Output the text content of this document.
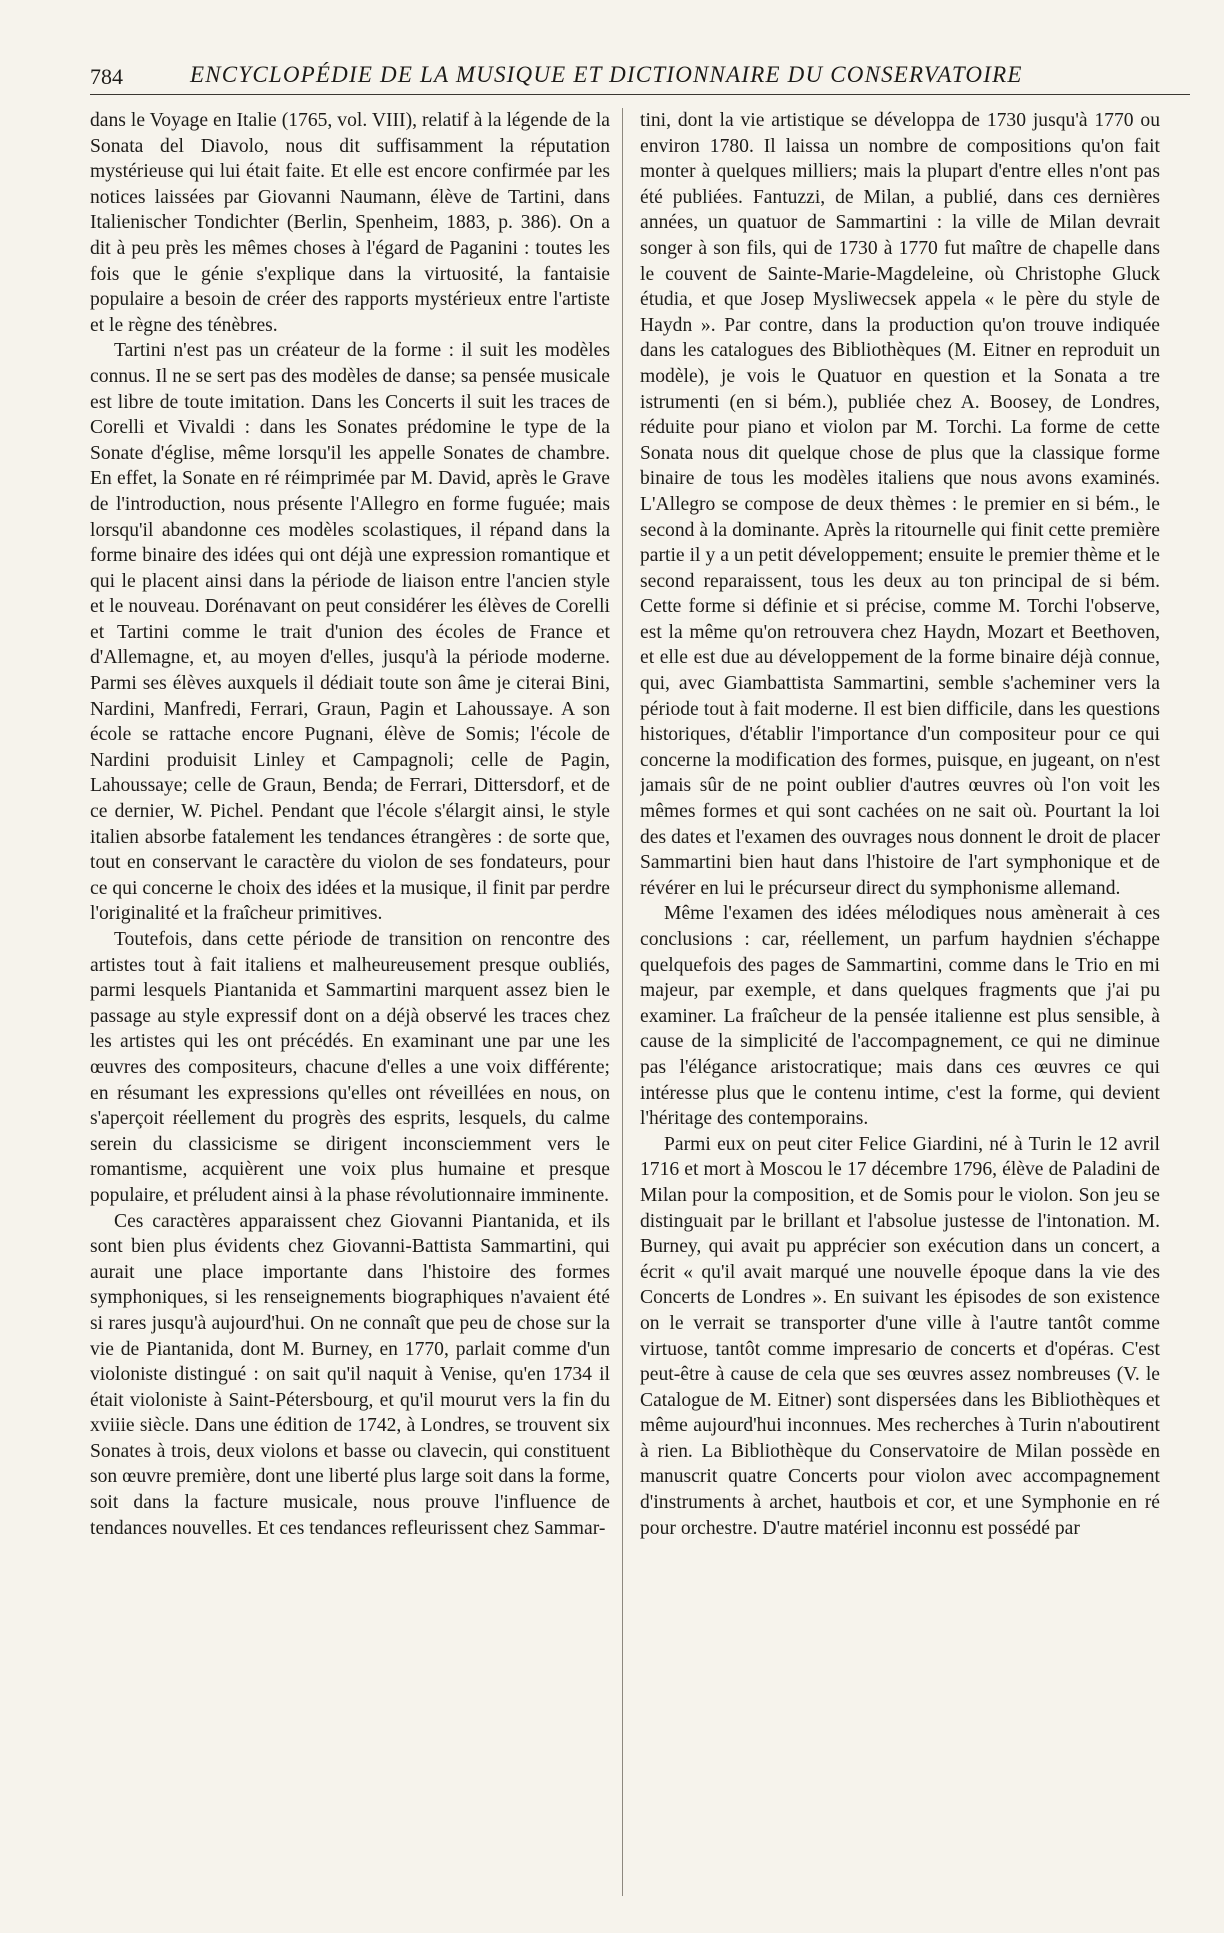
784	ENCYCLOPÉDIE DE LA MUSIQUE ET DICTIONNAIRE DU CONSERVATOIRE

dans le Voyage en Italie (1765, vol. VIII), relatif à la légende de la Sonata del Diavolo, nous dit suffisamment la réputation mystérieuse qui lui était faite. Et elle est encore confirmée par les notices laissées par Giovanni Naumann, élève de Tartini, dans Italienischer Tondichter (Berlin, Spenheim, 1883, p. 386). On a dit à peu près les mêmes choses à l'égard de Paganini : toutes les fois que le génie s'explique dans la virtuosité, la fantaisie populaire a besoin de créer des rapports mystérieux entre l'artiste et le règne des ténèbres.

Tartini n'est pas un créateur de la forme : il suit les modèles connus. Il ne se sert pas des modèles de danse; sa pensée musicale est libre de toute imitation. Dans les Concerts il suit les traces de Corelli et Vivaldi : dans les Sonates prédomine le type de la Sonate d'église, même lorsqu'il les appelle Sonates de chambre. En effet, la Sonate en ré réimprimée par M. David, après le Grave de l'introduction, nous présente l'Allegro en forme fuguée; mais lorsqu'il abandonne ces modèles scolastiques, il répand dans la forme binaire des idées qui ont déjà une expression romantique et qui le placent ainsi dans la période de liaison entre l'ancien style et le nouveau. Dorénavant on peut considérer les élèves de Corelli et Tartini comme le trait d'union des écoles de France et d'Allemagne, et, au moyen d'elles, jusqu'à la période moderne. Parmi ses élèves auxquels il dédiait toute son âme je citerai Bini, Nardini, Manfredi, Ferrari, Graun, Pagin et Lahoussaye. A son école se rattache encore Pugnani, élève de Somis; l'école de Nardini produisit Linley et Campagnoli; celle de Pagin, Lahoussaye; celle de Graun, Benda; de Ferrari, Dittersdorf, et de ce dernier, W. Pichel. Pendant que l'école s'élargit ainsi, le style italien absorbe fatalement les tendances étrangères : de sorte que, tout en conservant le caractère du violon de ses fondateurs, pour ce qui concerne le choix des idées et la musique, il finit par perdre l'originalité et la fraîcheur primitives.

Toutefois, dans cette période de transition on rencontre des artistes tout à fait italiens et malheureusement presque oubliés, parmi lesquels Piantanida et Sammartini marquent assez bien le passage au style expressif dont on a déjà observé les traces chez les artistes qui les ont précédés. En examinant une par une les œuvres des compositeurs, chacune d'elles a une voix différente; en résumant les expressions qu'elles ont réveillées en nous, on s'aperçoit réellement du progrès des esprits, lesquels, du calme serein du classicisme se dirigent inconsciemment vers le romantisme, acquièrent une voix plus humaine et presque populaire, et préludent ainsi à la phase révolutionnaire imminente.

Ces caractères apparaissent chez Giovanni Piantanida, et ils sont bien plus évidents chez Giovanni-Battista Sammartini, qui aurait une place importante dans l'histoire des formes symphoniques, si les renseignements biographiques n'avaient été si rares jusqu'à aujourd'hui. On ne connaît que peu de chose sur la vie de Piantanida, dont M. Burney, en 1770, parlait comme d'un violoniste distingué : on sait qu'il naquit à Venise, qu'en 1734 il était violoniste à Saint-Pétersbourg, et qu'il mourut vers la fin du xviiie siècle. Dans une édition de 1742, à Londres, se trouvent six Sonates à trois, deux violons et basse ou clavecin, qui constituent son œuvre première, dont une liberté plus large soit dans la forme, soit dans la facture musicale, nous prouve l'influence de tendances nouvelles. Et ces tendances refleurissent chez Sammar-

tini, dont la vie artistique se développa de 1730 jusqu'à 1770 ou environ 1780. Il laissa un nombre de compositions qu'on fait monter à quelques milliers; mais la plupart d'entre elles n'ont pas été publiées. Fantuzzi, de Milan, a publié, dans ces dernières années, un quatuor de Sammartini : la ville de Milan devrait songer à son fils, qui de 1730 à 1770 fut maître de chapelle dans le couvent de Sainte-Marie-Magdeleine, où Christophe Gluck étudia, et que Josep Mysliwecsek appela « le père du style de Haydn ». Par contre, dans la production qu'on trouve indiquée dans les catalogues des Bibliothèques (M. Eitner en reproduit un modèle), je vois le Quatuor en question et la Sonata a tre istrumenti (en si bém.), publiée chez A. Boosey, de Londres, réduite pour piano et violon par M. Torchi. La forme de cette Sonata nous dit quelque chose de plus que la classique forme binaire de tous les modèles italiens que nous avons examinés. L'Allegro se compose de deux thèmes : le premier en si bém., le second à la dominante. Après la ritournelle qui finit cette première partie il y a un petit développement; ensuite le premier thème et le second reparaissent, tous les deux au ton principal de si bém. Cette forme si définie et si précise, comme M. Torchi l'observe, est la même qu'on retrouvera chez Haydn, Mozart et Beethoven, et elle est due au développement de la forme binaire déjà connue, qui, avec Giambattista Sammartini, semble s'acheminer vers la période tout à fait moderne. Il est bien difficile, dans les questions historiques, d'établir l'importance d'un compositeur pour ce qui concerne la modification des formes, puisque, en jugeant, on n'est jamais sûr de ne point oublier d'autres œuvres où l'on voit les mêmes formes et qui sont cachées on ne sait où. Pourtant la loi des dates et l'examen des ouvrages nous donnent le droit de placer Sammartini bien haut dans l'histoire de l'art symphonique et de révérer en lui le précurseur direct du symphonisme allemand.

Même l'examen des idées mélodiques nous amènerait à ces conclusions : car, réellement, un parfum haydnien s'échappe quelquefois des pages de Sammartini, comme dans le Trio en mi majeur, par exemple, et dans quelques fragments que j'ai pu examiner. La fraîcheur de la pensée italienne est plus sensible, à cause de la simplicité de l'accompagnement, ce qui ne diminue pas l'élégance aristocratique; mais dans ces œuvres ce qui intéresse plus que le contenu intime, c'est la forme, qui devient l'héritage des contemporains.

Parmi eux on peut citer Felice Giardini, né à Turin le 12 avril 1716 et mort à Moscou le 17 décembre 1796, élève de Paladini de Milan pour la composition, et de Somis pour le violon. Son jeu se distinguait par le brillant et l'absolue justesse de l'intonation. M. Burney, qui avait pu apprécier son exécution dans un concert, a écrit « qu'il avait marqué une nouvelle époque dans la vie des Concerts de Londres ». En suivant les épisodes de son existence on le verrait se transporter d'une ville à l'autre tantôt comme virtuose, tantôt comme impresario de concerts et d'opéras. C'est peut-être à cause de cela que ses œuvres assez nombreuses (V. le Catalogue de M. Eitner) sont dispersées dans les Bibliothèques et même aujourd'hui inconnues. Mes recherches à Turin n'aboutirent à rien. La Bibliothèque du Conservatoire de Milan possède en manuscrit quatre Concerts pour violon avec accompagnement d'instruments à archet, hautbois et cor, et une Symphonie en ré pour orchestre. D'autre matériel inconnu est possédé par
